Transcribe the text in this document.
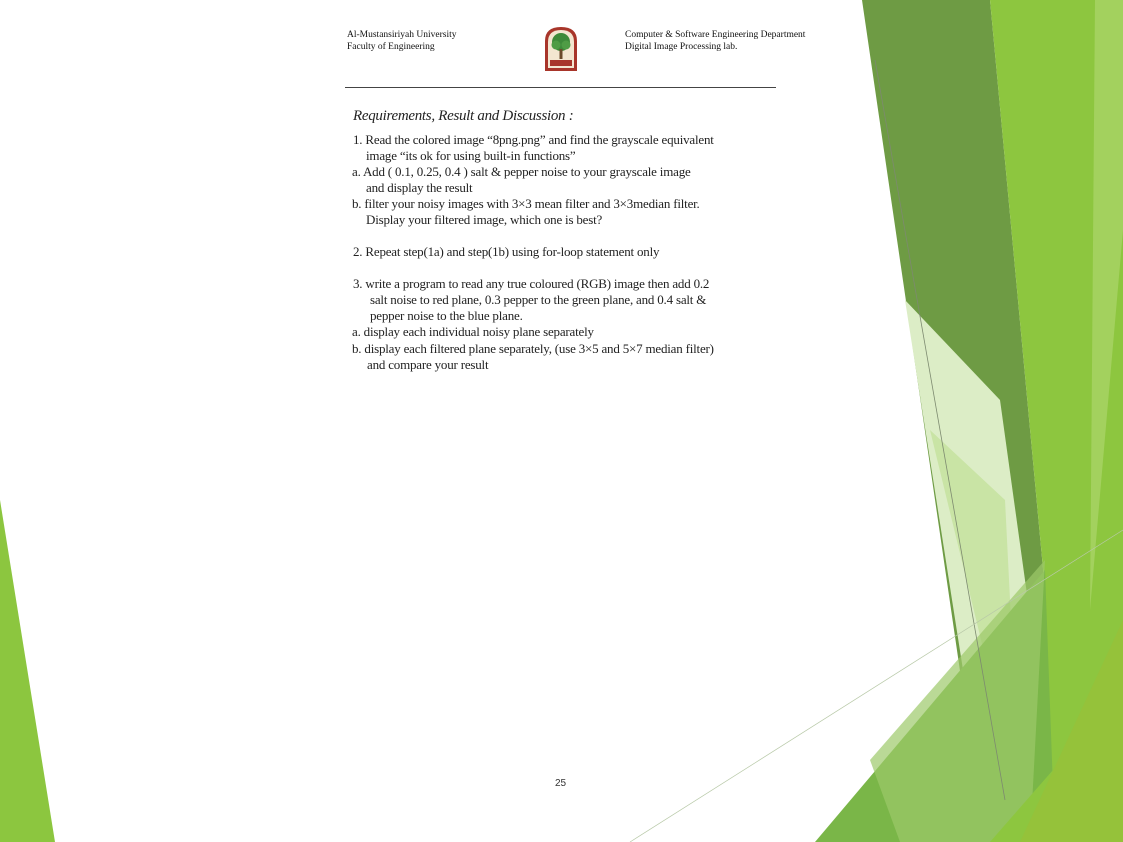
Al-Mustansiriyah University
Faculty of Engineering
Computer & Software Engineering Department
Digital Image Processing lab.
Requirements, Result and Discussion :
1. Read the colored image “8png.png” and find the grayscale equivalent
image “its ok for using built-in functions”
a. Add ( 0.1, 0.25, 0.4 ) salt & pepper noise to your grayscale image
and display the result
b. filter your noisy images with 3×3 mean filter and 3×3median filter.
Display your filtered image, which one is best?
2. Repeat step(1a) and step(1b) using for-loop statement only
3. write a program to read any true coloured (RGB) image then add 0.2
salt noise to red plane, 0.3 pepper to the green plane, and 0.4 salt &
pepper noise to the blue plane.
a. display each individual noisy plane separately
b. display each filtered plane separately, (use 3×5 and 5×7 median filter)
and compare your result
25
